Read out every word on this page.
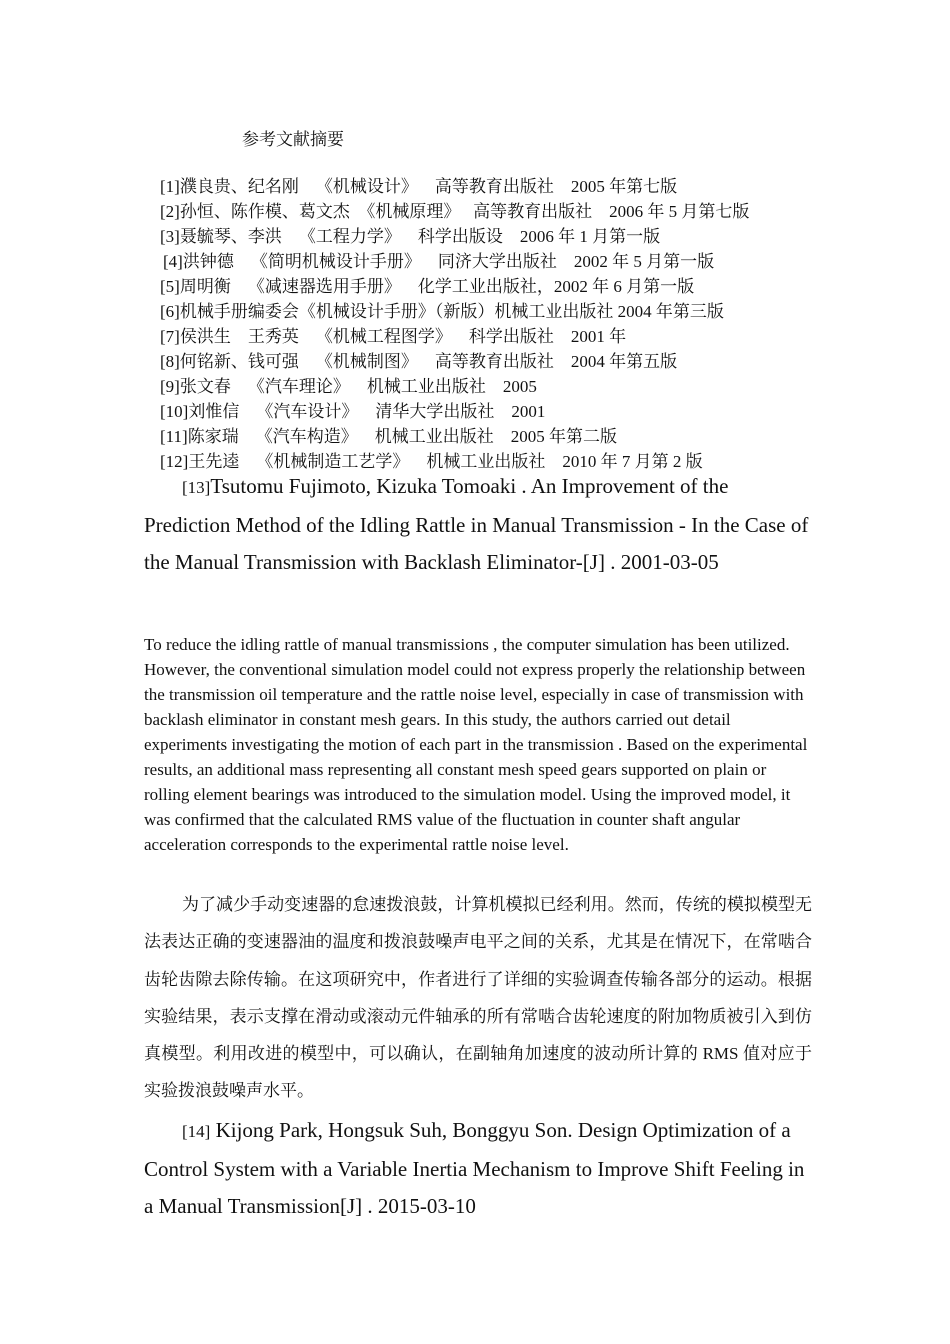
参考文献摘要
[1]濮良贵、纪名刚    《机械设计》    高等教育出版社    2005 年第七版
[2]孙恒、陈作模、葛文杰  《机械原理》   高等教育出版社    2006 年 5 月第七版
[3]聂毓琴、李洪    《工程力学》    科学出版设    2006 年 1 月第一版
[4]洪钟德    《简明机械设计手册》    同济大学出版社    2002 年 5 月第一版
[5]周明衡    《减速器选用手册》    化学工业出版社，2002 年 6 月第一版
[6]机械手册编委会《机械设计手册》（新版）机械工业出版社 2004 年第三版
[7]侯洪生    王秀英    《机械工程图学》    科学出版社    2001 年
[8]何铭新、钱可强    《机械制图》    高等教育出版社    2004 年第五版
[9]张文春    《汽车理论》    机械工业出版社    2005
[10]刘惟信    《汽车设计》    清华大学出版社    2001
[11]陈家瑞    《汽车构造》    机械工业出版社    2005 年第二版
[12]王先逵    《机械制造工艺学》    机械工业出版社    2010 年 7 月第 2 版
[13]Tsutomu Fujimoto, Kizuka Tomoaki . An Improvement of the Prediction Method of the Idling Rattle in Manual Transmission - In the Case of the Manual Transmission with Backlash Eliminator-[J] . 2001-03-05
To reduce the idling rattle of manual transmissions , the computer simulation has been utilized. However, the conventional simulation model could not express properly the relationship between the transmission oil temperature and the rattle noise level, especially in case of transmission with backlash eliminator in constant mesh gears. In this study, the authors carried out detail experiments investigating the motion of each part in the transmission . Based on the experimental results, an additional mass representing all constant mesh speed gears supported on plain or rolling element bearings was introduced to the simulation model. Using the improved model, it was confirmed that the calculated RMS value of the fluctuation in counter shaft angular acceleration corresponds to the experimental rattle noise level.
为了减少手动变速器的怠速拨浪鼓，计算机模拟已经利用。然而，传统的模拟模型无法表达正确的变速器油的温度和拨浪鼓噪声电平之间的关系，尤其是在情况下，在常啮合齿轮齿隙去除传输。在这项研究中，作者进行了详细的实验调查传输各部分的运动。根据实验结果，表示支撑在滑动或滚动元件轴承的所有常啮合齿轮速度的附加物质被引入到仿真模型。利用改进的模型中，可以确认，在副轴角加速度的波动所计算的 RMS 值对应于实验拨浪鼓噪声水平。
[14] Kijong Park, Hongsuk Suh, Bonggyu Son. Design Optimization of a Control System with a Variable Inertia Mechanism to Improve Shift Feeling in a Manual Transmission[J] . 2015-03-10
